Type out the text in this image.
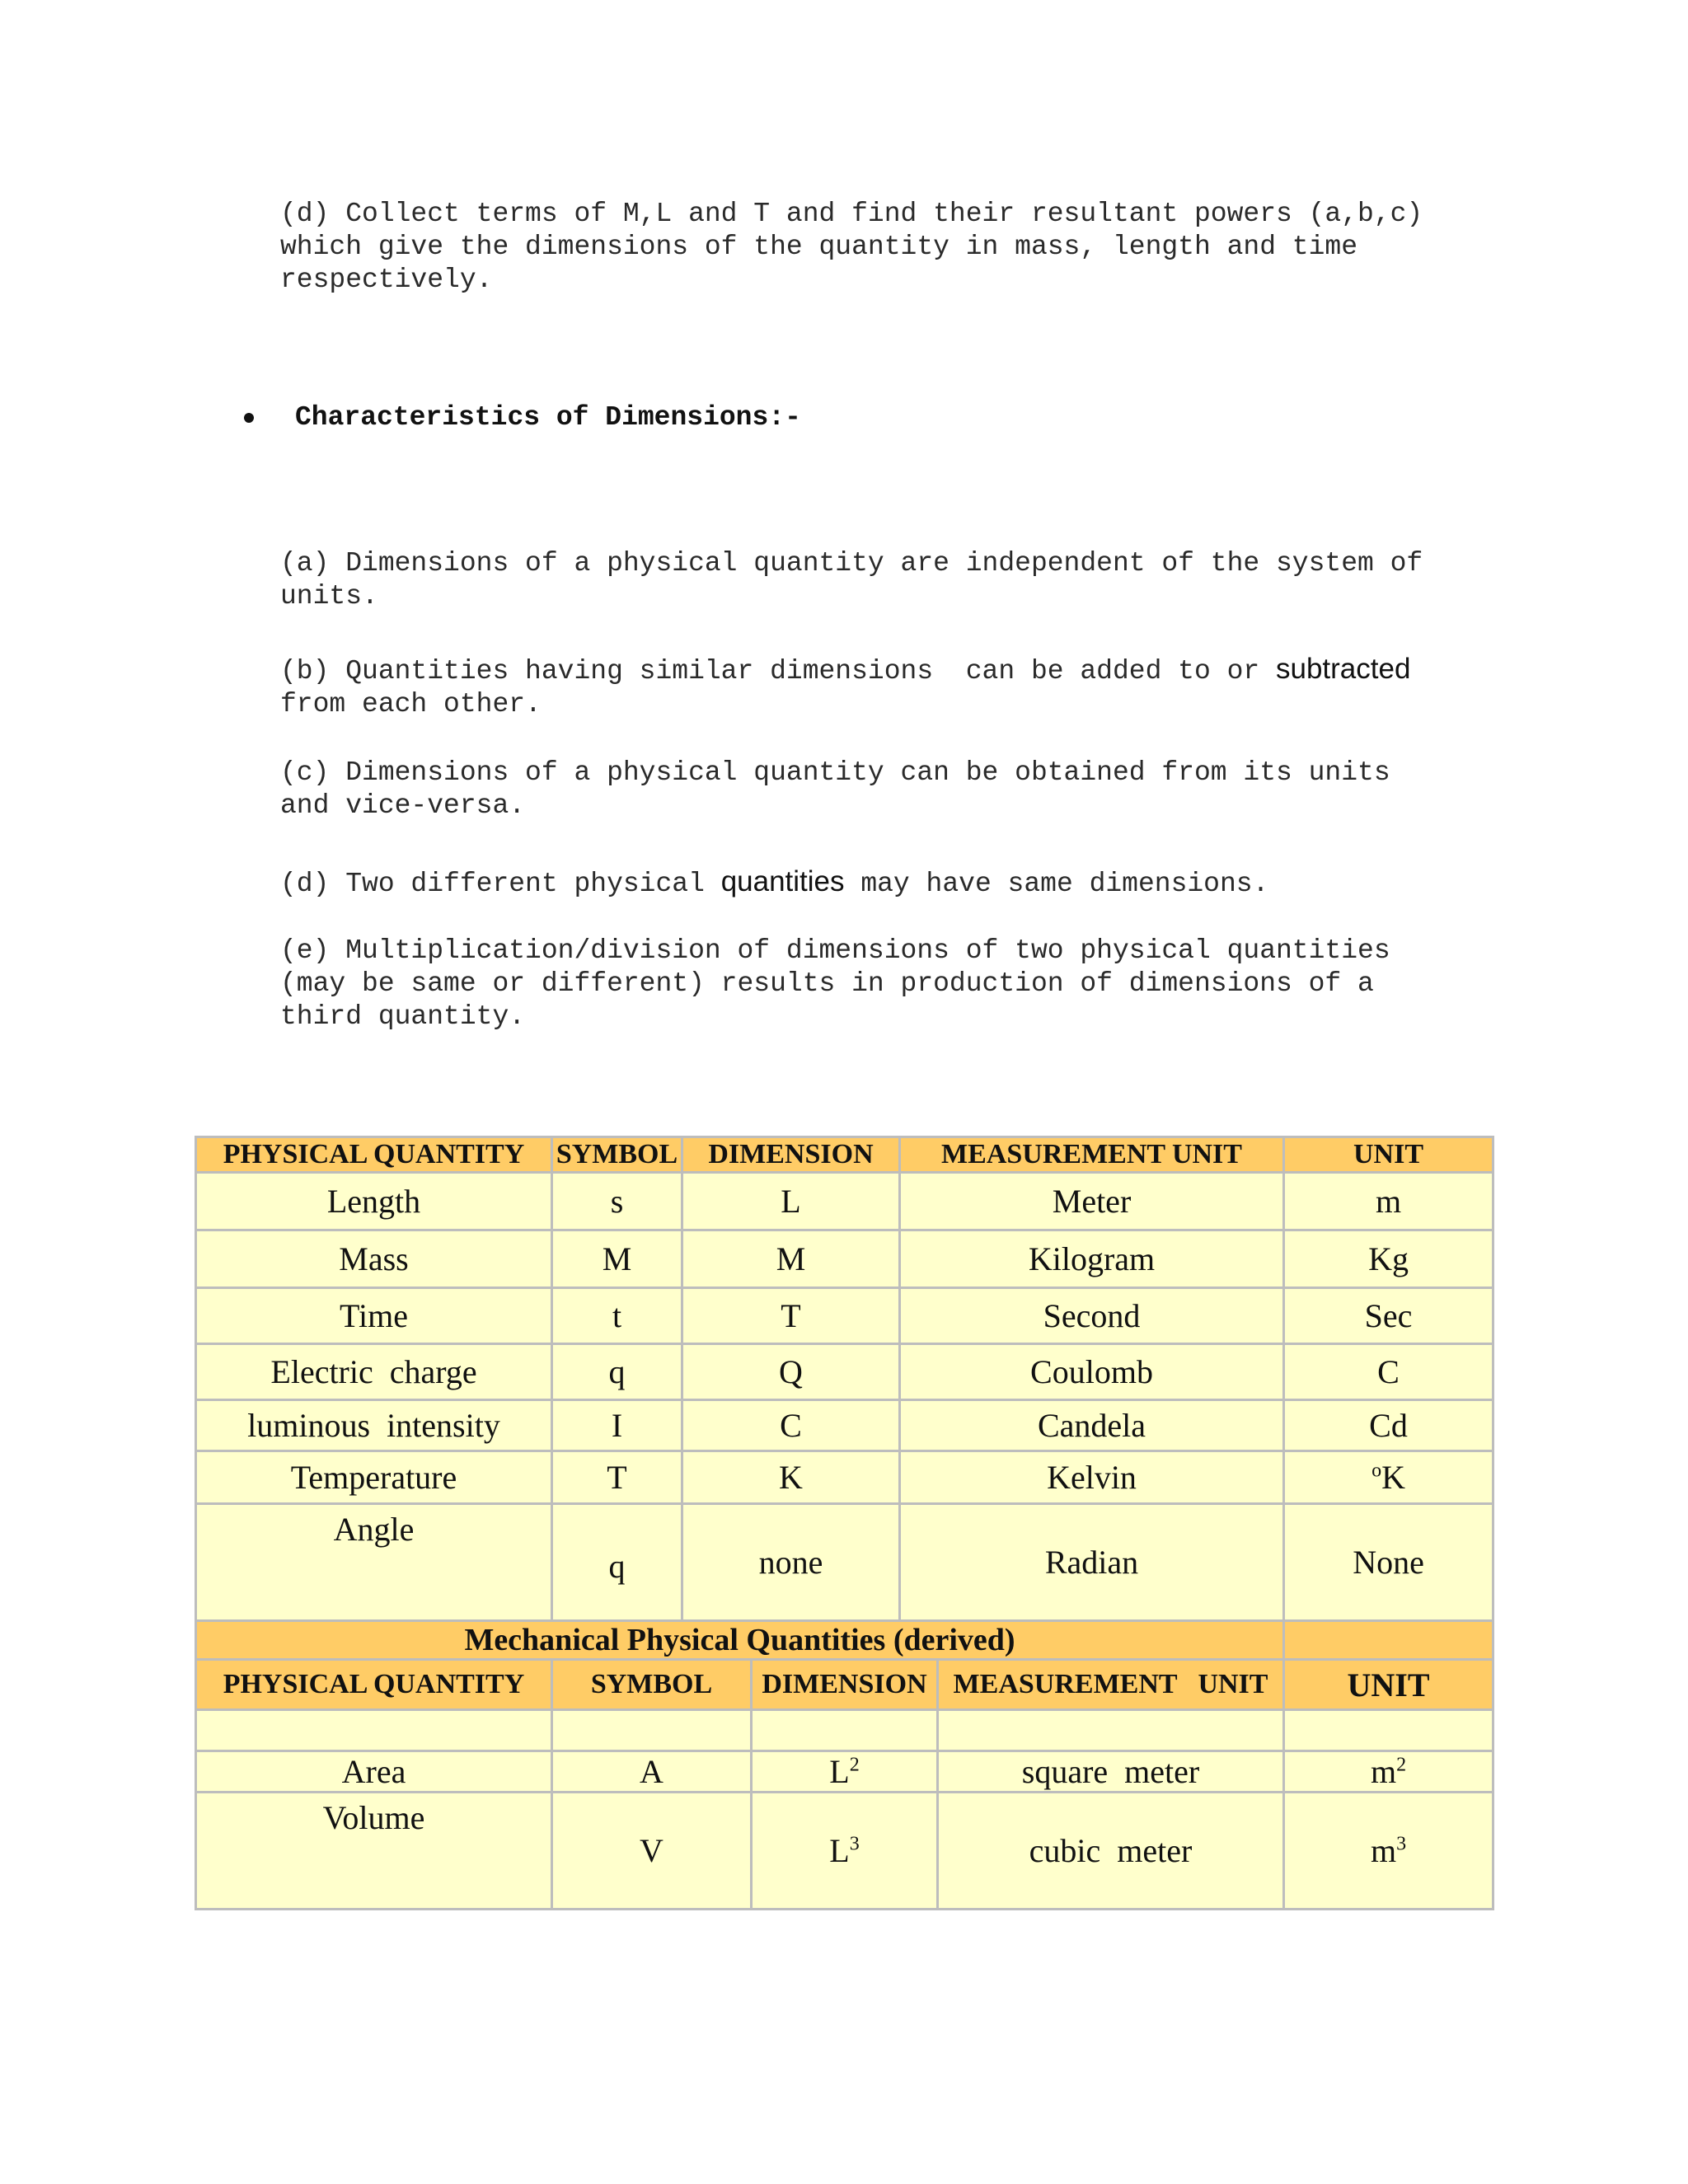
(d) Collect terms of M,L and T and find their resultant powers (a,b,c) which give the dimensions of the quantity in mass, length and time respectively.

Characteristics of Dimensions:-

(a) Dimensions of a physical quantity are independent of the system of units.

(b) Quantities having similar dimensions  can be added to or subtracted
from each other.

(c) Dimensions of a physical quantity can be obtained from its units and vice-versa.

(d) Two different physical quantities may have same dimensions.

(e) Multiplication/division of dimensions of two physical quantities (may be same or different) results in production of dimensions of a third quantity.

PHYSICAL QUANTITY	SYMBOL	DIMENSION		MEASUREMENT UNIT		UNIT
Length	s	L		Meter		m
Mass	M	M		Kilogram		Kg
Time	t	T		Second		Sec
Electric  charge	q	Q		Coulomb		C
luminous  intensity	I	C		Candela		Cd
Temperature	T	K		Kelvin		$^o$K
Angle	q	none		Radian		None
Mechanical Physical Quantities (derived)						
PHYSICAL QUANTITY	SYMBOL		DIMENSION		MEASUREMENT   UNIT	UNIT

Area	A		$L^2$		square  meter	$m^2$
Volume	V		$L^3$		cubic  meter	$m^3$
